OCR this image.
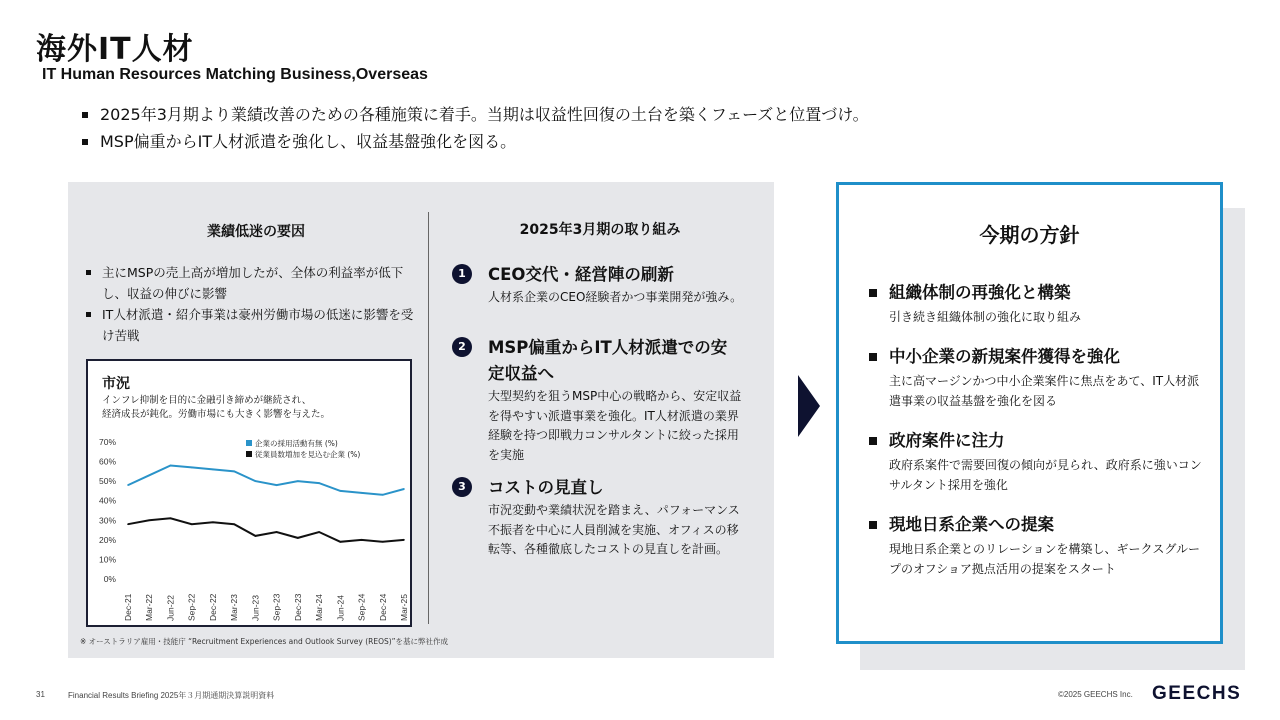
海外IT人材
IT Human Resources Matching Business,Overseas
2025年3月期より業績改善のための各種施策に着手。当期は収益性回復の土台を築くフェーズと位置づけ。
MSP偏重からIT人材派遣を強化し、収益基盤強化を図る。
業績低迷の要因	2025年3月期の取り組み
主にMSPの売上高が増加したが、全体の利益率が低下し、収益の伸びに影響
IT人材派遣・紹介事業は豪州労働市場の低迷に影響を受け苦戦
市況
インフレ抑制を目的に金融引き締めが継続され、
経済成長が鈍化。労働市場にも大きく影響を与えた。
0%
10%
20%
30%
40%
50%
60%
70%
Dec-21 Mar-22 Jun-22 Sep-22 Dec-22 Mar-23 Jun-23 Sep-23 Dec-23 Mar-24 Jun-24 Sep-24 Dec-24 Mar-25
企業の採用活動有無 (%)
従業員数増加を見込む企業 (%)
※ オーストラリア雇用・技能庁 “Recruitment Experiences and Outlook Survey (REOS)”を基に弊社作成
1	CEO交代・経営陣の刷新
人材系企業のCEO経験者かつ事業開発が強み。
2	MSP偏重からIT人材派遣での安定収益へ
大型契約を狙うMSP中心の戦略から、安定収益を得やすい派遣事業を強化。IT人材派遣の業界経験を持つ即戦力コンサルタントに絞った採用を実施
3	コストの見直し
市況変動や業績状況を踏まえ、パフォーマンス不振者を中心に人員削減を実施、オフィスの移転等、各種徹底したコストの見直しを計画。
今期の方針
組織体制の再強化と構築
引き続き組織体制の強化に取り組み
中小企業の新規案件獲得を強化
主に高マージンかつ中小企業案件に焦点をあて、IT人材派遣事業の収益基盤を強化を図る
政府案件に注力
政府系案件で需要回復の傾向が見られ、政府系に強いコンサルタント採用を強化
現地日系企業への提案
現地日系企業とのリレーションを構築し、ギークスグループのオフショア拠点活用の提案をスタート
31	Financial Results Briefing 2025年３月期通期決算説明資料	©2025 GEECHS Inc. GEECHS
